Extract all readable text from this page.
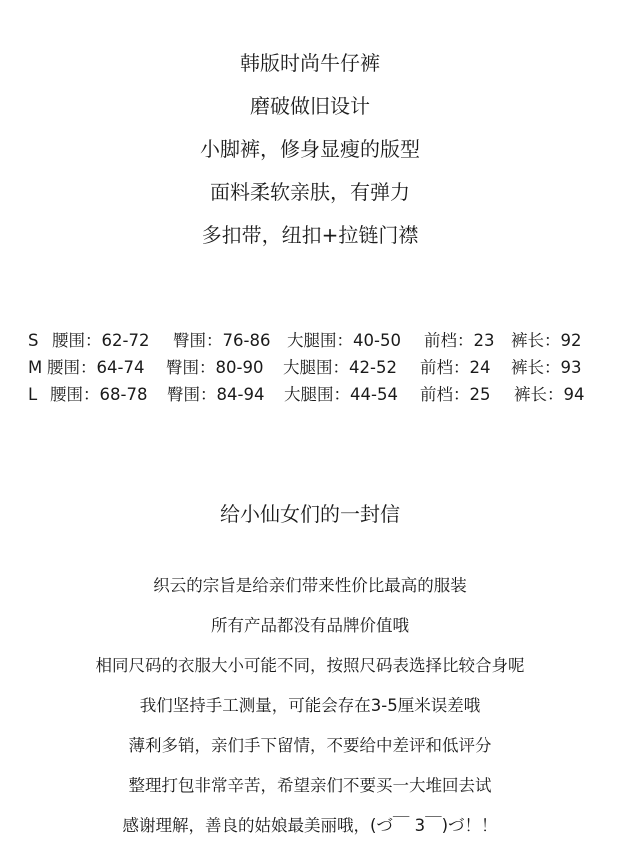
韩版时尚牛仔裤
磨破做旧设计
小脚裤，修身显瘦的版型
面料柔软亲肤，有弹力
多扣带，纽扣+拉链门襟
S 腰围：62-72 臀围：76-86 大腿围：40-50 前档：23 裤长：92
M 腰围：64-74 臀围：80-90 大腿围：42-52 前档：24 裤长：93
L 腰围：68-78 臀围：84-94 大腿围：44-54 前档：25 裤长：94
给小仙女们的一封信
织云的宗旨是给亲们带来性价比最高的服装
所有产品都没有品牌价值哦
相同尺码的衣服大小可能不同，按照尺码表选择比较合身呢
我们坚持手工测量，可能会存在3-5厘米误差哦
薄利多销，亲们手下留情，不要给中差评和低评分
整理打包非常辛苦，希望亲们不要买一大堆回去试
感谢理解，善良的姑娘最美丽哦，(づ￣ 3￣)づ！！
